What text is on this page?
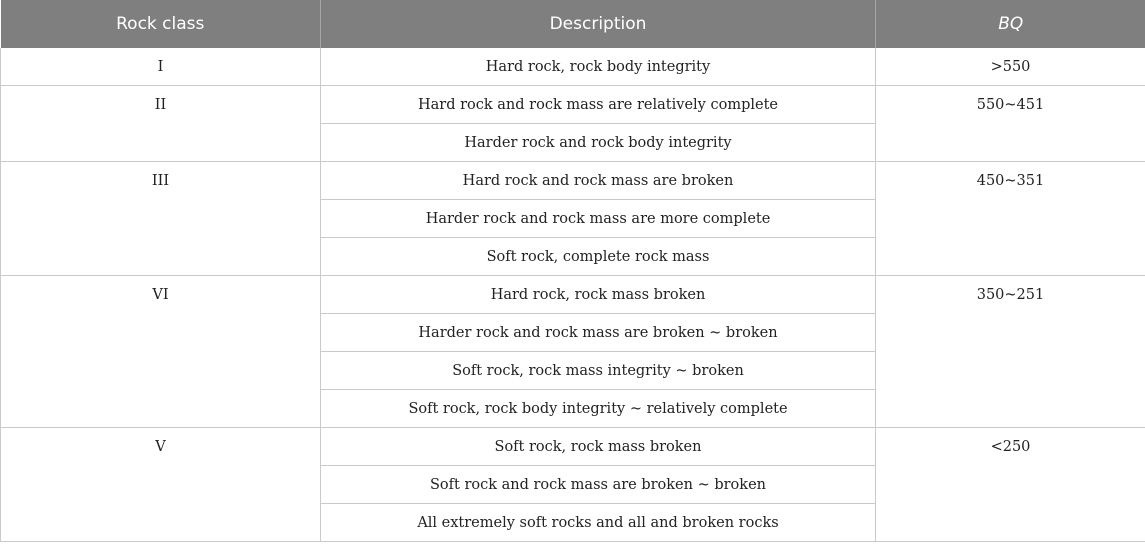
Rock class	Description	BQ
I	Hard rock, rock body integrity	>550
II	Hard rock and rock mass are relatively complete	550~451
	Harder rock and rock body integrity	
III	Hard rock and rock mass are broken	450~351
	Harder rock and rock mass are more complete	
	Soft rock, complete rock mass	
VI	Hard rock, rock mass broken	350~251
	Harder rock and rock mass are broken ~ broken	
	Soft rock, rock mass integrity ~ broken	
	Soft rock, rock body integrity ~ relatively complete	
V	Soft rock, rock mass broken	<250
	Soft rock and rock mass are broken ~ broken	
	All extremely soft rocks and all and broken rocks	
